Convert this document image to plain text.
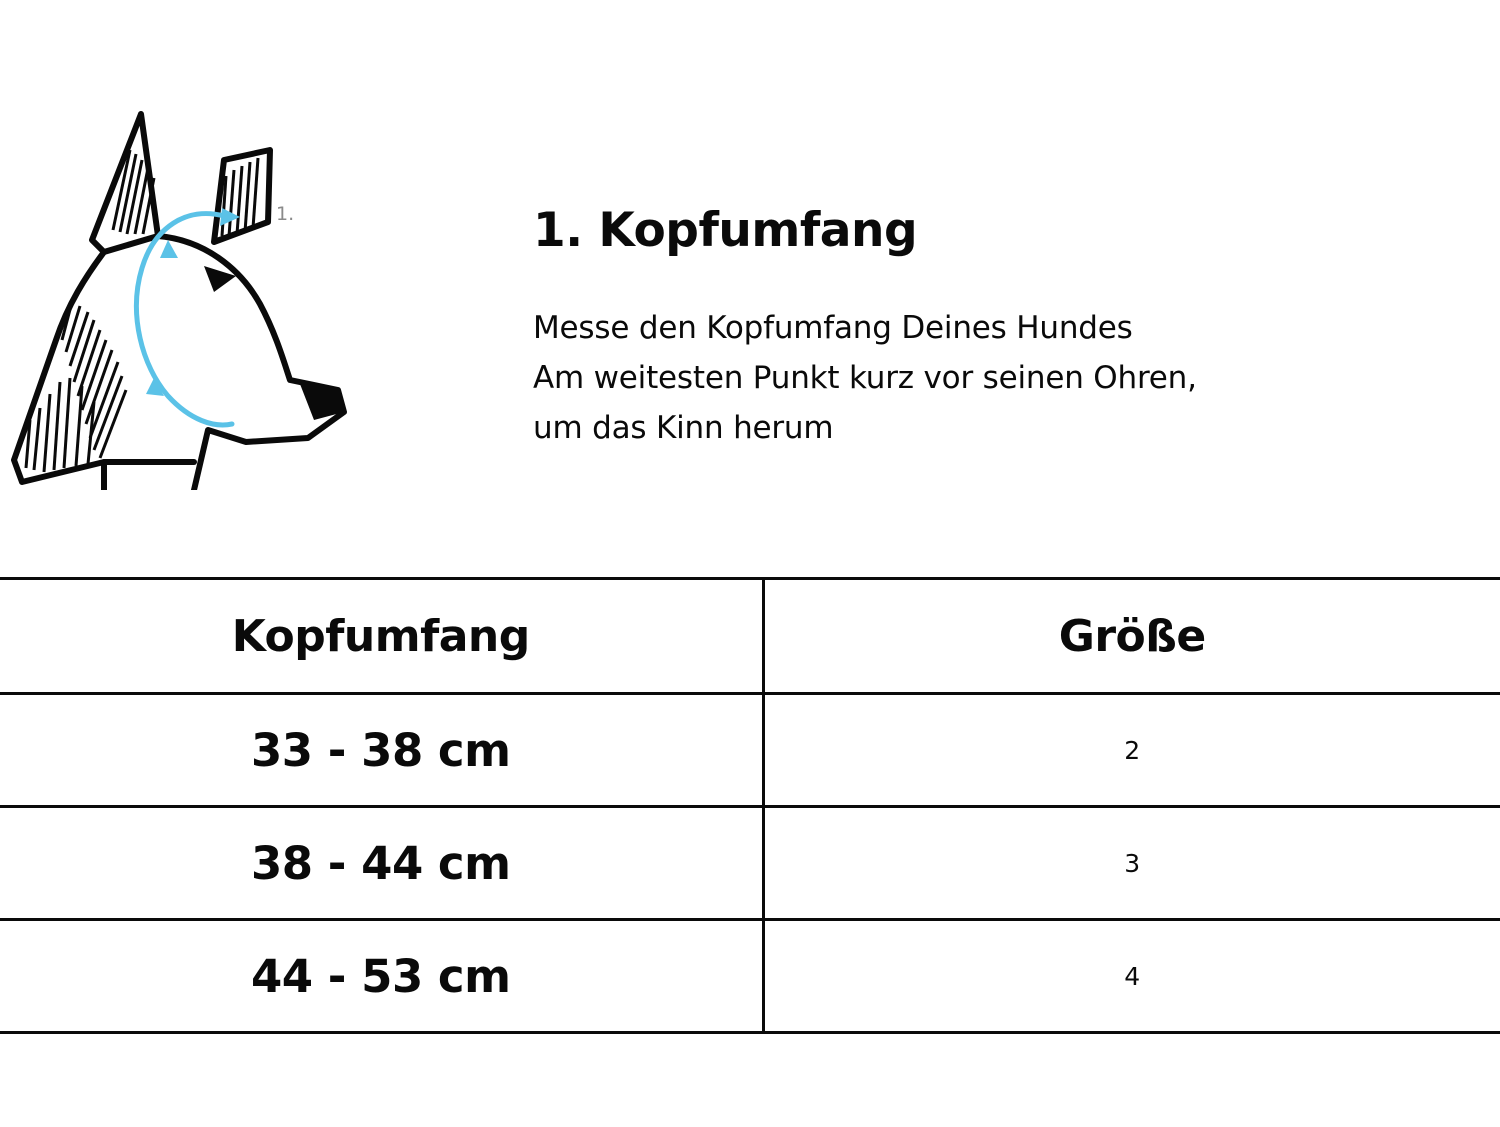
1.	1. Kopfumfang
Messe den Kopfumfang Deines Hundes
Am weitesten Punkt kurz vor seinen Ohren,
um das Kinn herum
Kopfumfang	Größe
33 - 38 cm	2
38 - 44 cm	3
44 - 53 cm	4
